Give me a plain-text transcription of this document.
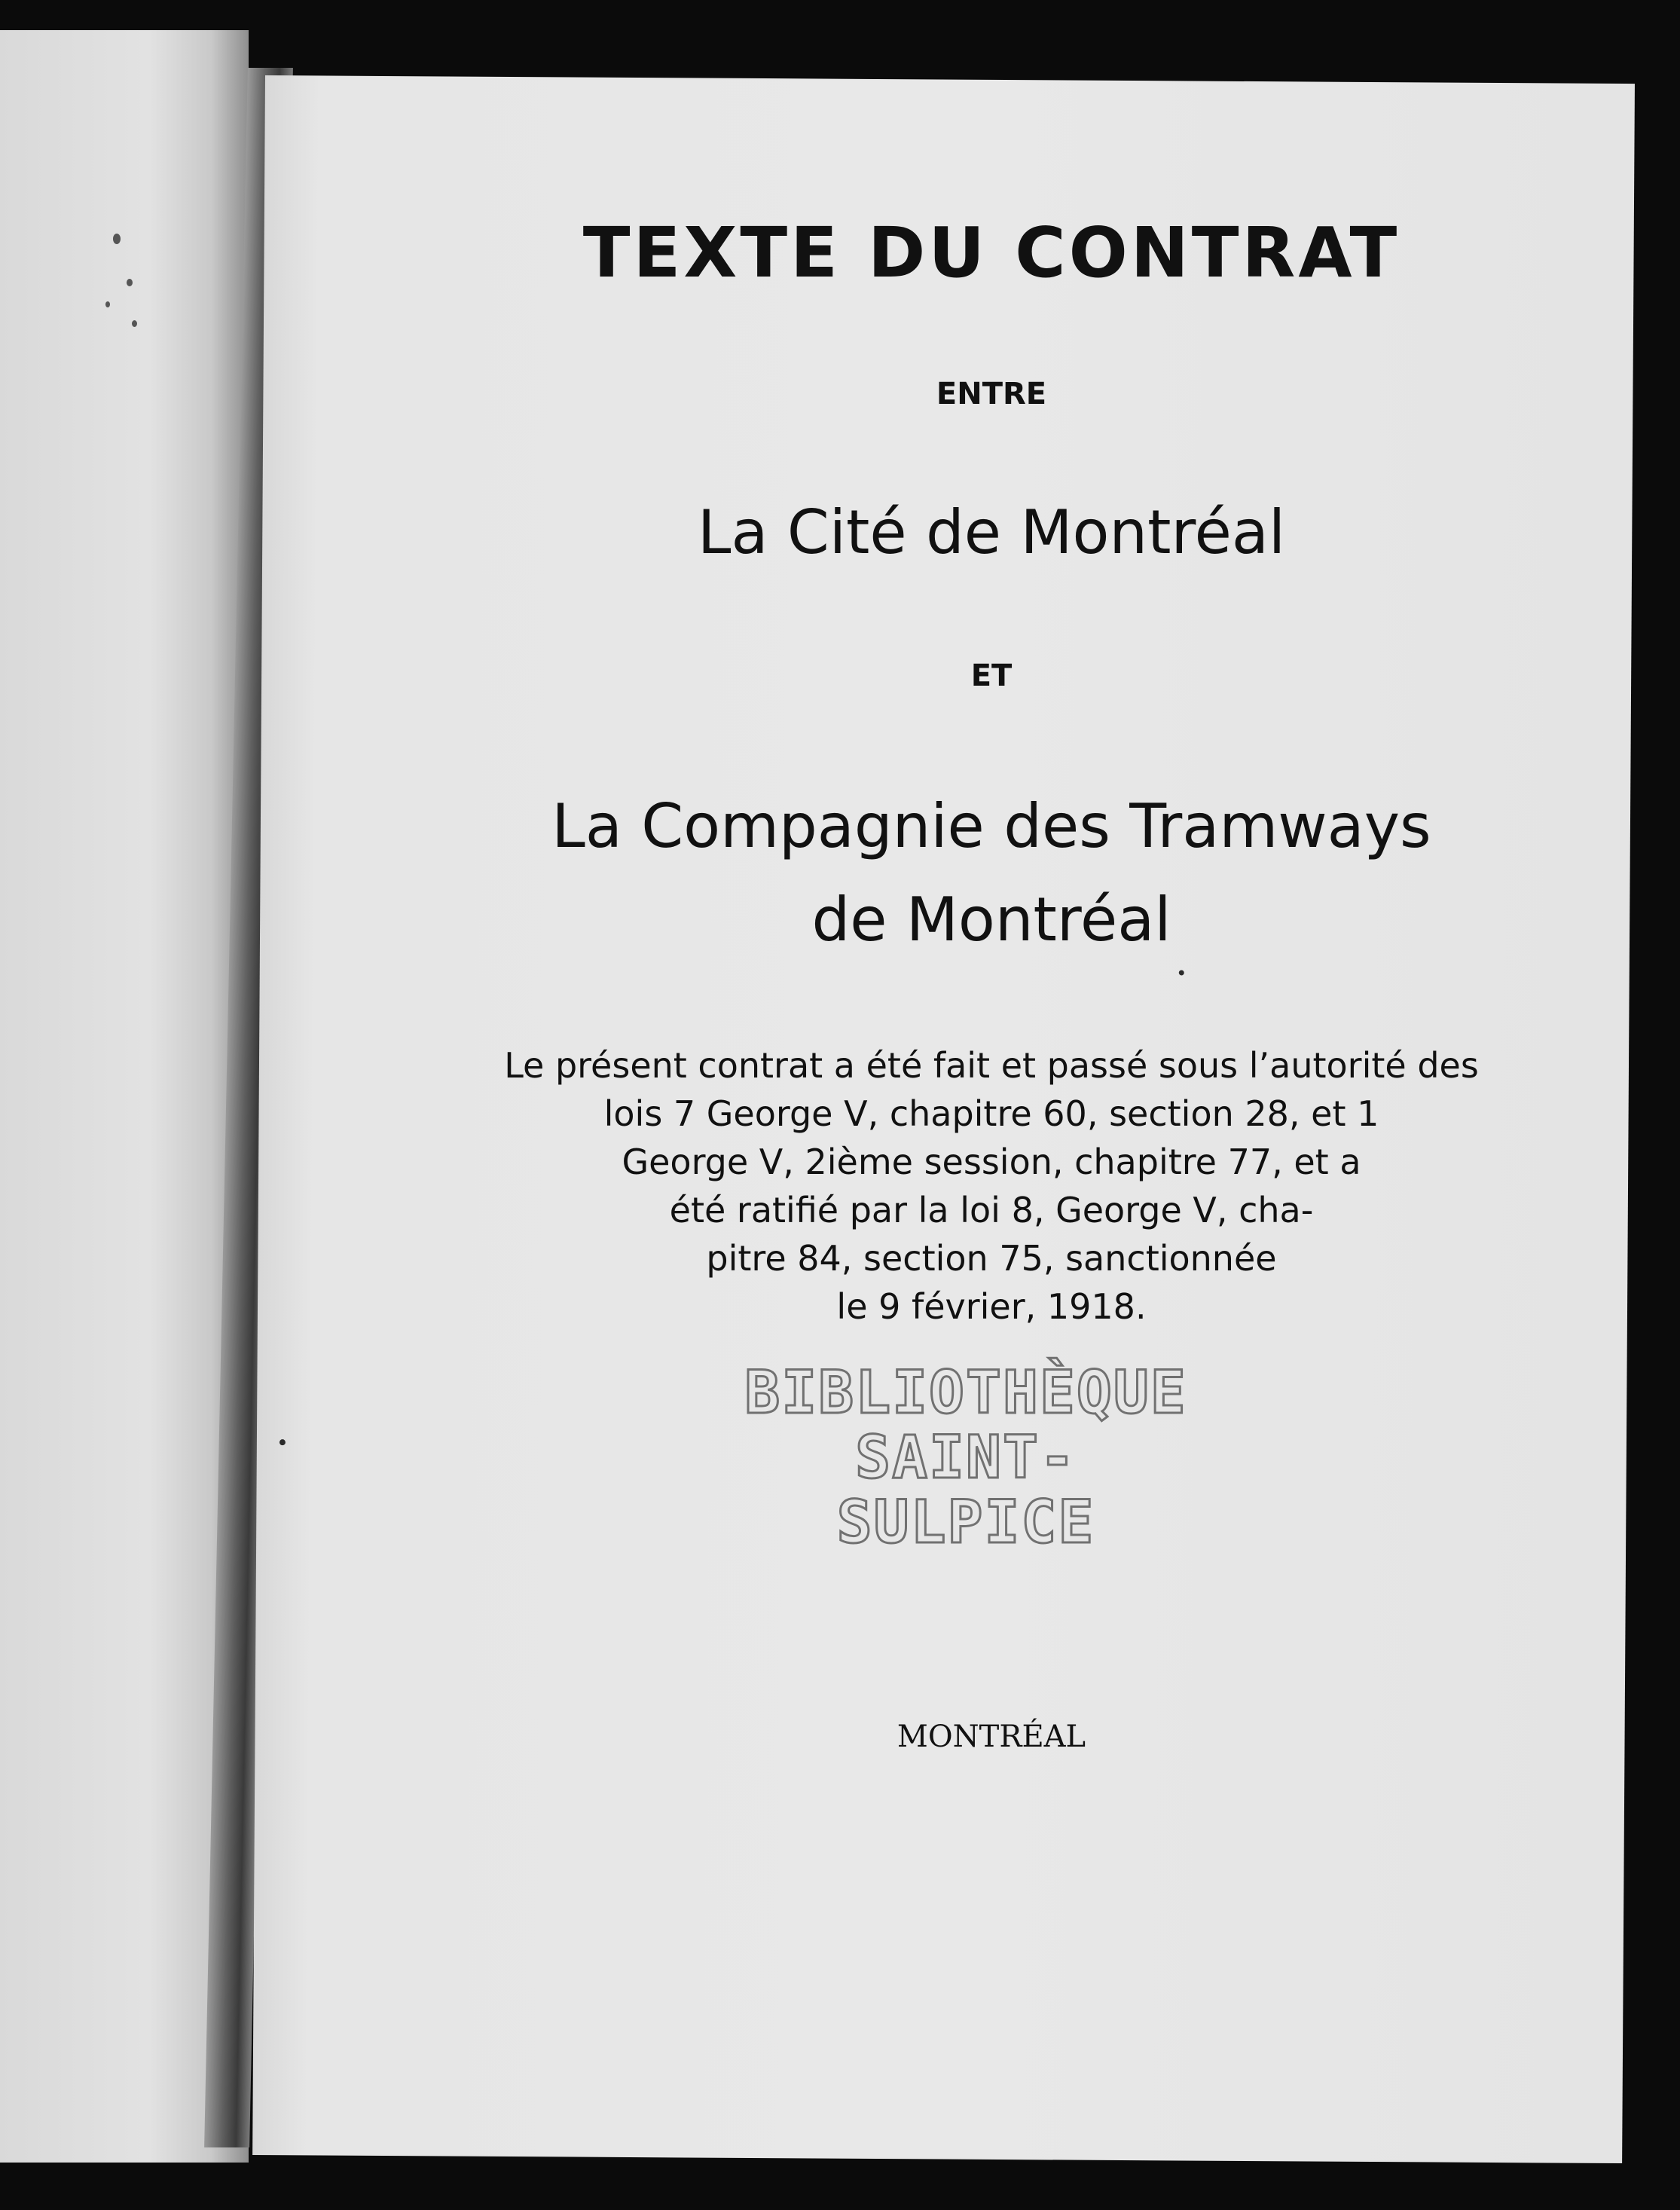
TEXTE DU CONTRAT
ENTRE
La Cité de Montréal
ET
La Compagnie des Tramways
de Montréal
Le présent contrat a été fait et passé sous l’autorité des
lois 7 George V, chapitre 60, section 28, et 1
George V, 2ième session, chapitre 77, et a
été ratifié par la loi 8, George V, cha-
pitre 84, section 75, sanctionnée
le 9 février, 1918.
BIBLIOTHÈQUE
SAINT-SULPICE
MONTRÉAL
